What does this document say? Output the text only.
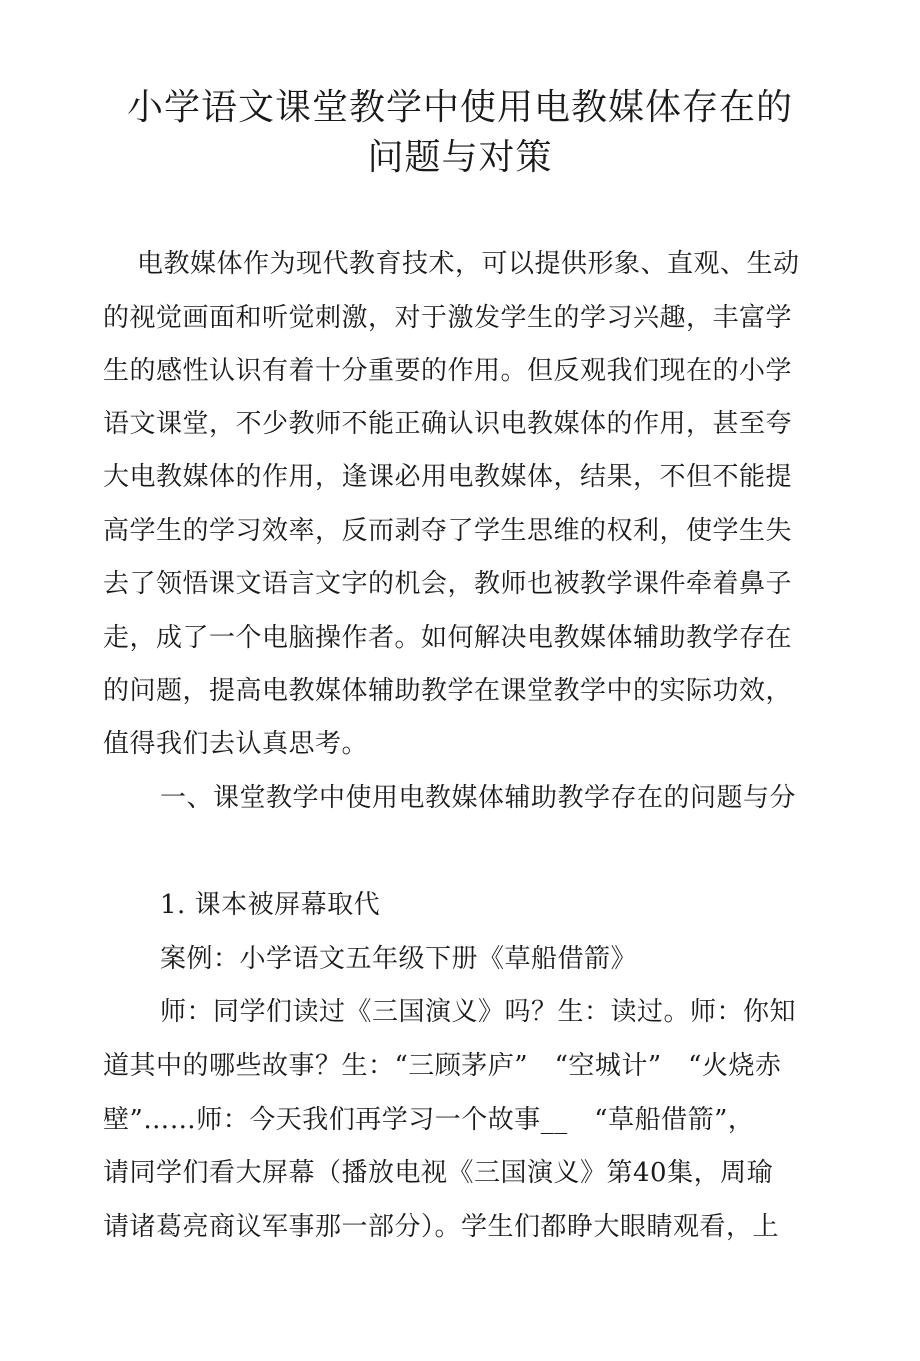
小学语文课堂教学中使用电教媒体存在的
问题与对策
电教媒体作为现代教育技术，可以提供形象、直观、生动
的视觉画面和听觉刺激，对于激发学生的学习兴趣，丰富学
生的感性认识有着十分重要的作用。但反观我们现在的小学
语文课堂，不少教师不能正确认识电教媒体的作用，甚至夸
大电教媒体的作用，逢课必用电教媒体，结果，不但不能提
高学生的学习效率，反而剥夺了学生思维的权利，使学生失
去了领悟课文语言文字的机会，教师也被教学课件牵着鼻子
走，成了一个电脑操作者。如何解决电教媒体辅助教学存在
的问题，提高电教媒体辅助教学在课堂教学中的实际功效，
值得我们去认真思考。
一、课堂教学中使用电教媒体辅助教学存在的问题与分
1. 课本被屏幕取代
案例：小学语文五年级下册《草船借箭》
师：同学们读过《三国演义》吗？生：读过。师：你知
道其中的哪些故事？生：“三顾茅庐”　“空城计”　“火烧赤
壁”……师：今天我们再学习一个故事__　“草船借箭”，
请同学们看大屏幕（播放电视《三国演义》第40集，周瑜
请诸葛亮商议军事那一部分）。学生们都睁大眼睛观看，上
